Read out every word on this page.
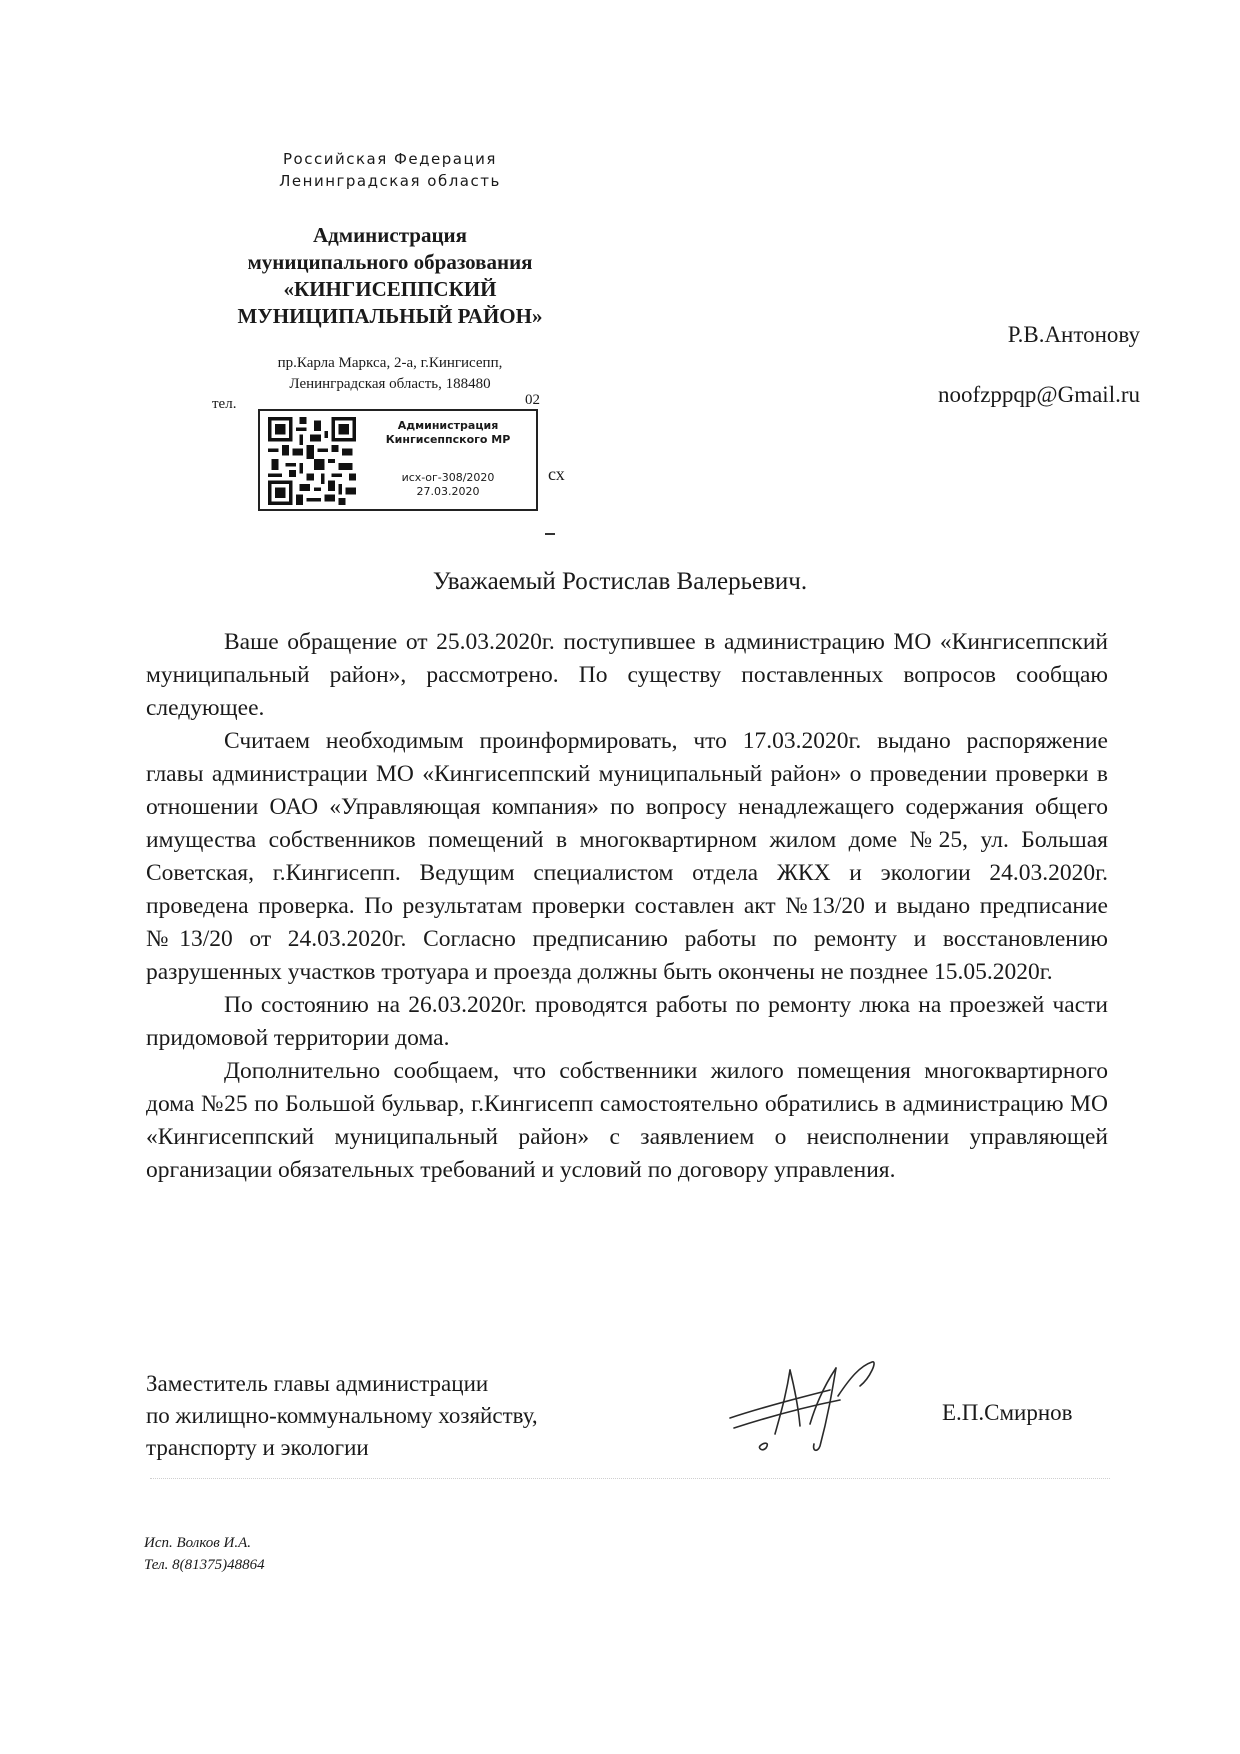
Российская Федерация
Ленинградская область
Администрация
муниципального образования
«КИНГИСЕППСКИЙ
МУНИЦИПАЛЬНЫЙ РАЙОН»
пр.Карла Маркса, 2-а, г.Кингисепп,
Ленинградская область, 188480
тел.	02
сх
Администрация
Кингисеппского МР
исх-ог-308/2020
27.03.2020
Р.В.Антонову
noofzppqp@Gmail.ru
Уважаемый Ростислав Валерьевич.

Ваше обращение от 25.03.2020г. поступившее в администрацию МО «Кингисеппский муниципальный район», рассмотрено. По существу поставленных вопросов сообщаю следующее.

Считаем необходимым проинформировать, что 17.03.2020г. выдано распоряжение главы администрации МО «Кингисеппский муниципальный район» о проведении проверки в отношении ОАО «Управляющая компания» по вопросу ненадлежащего содержания общего имущества собственников помещений в многоквартирном жилом доме №25, ул. Большая Советская, г.Кингисепп. Ведущим специалистом отдела ЖКХ и экологии 24.03.2020г. проведена проверка. По результатам проверки составлен акт №13/20 и выдано предписание №13/20 от 24.03.2020г. Согласно предписанию работы по ремонту и восстановлению разрушенных участков тротуара и проезда должны быть окончены не позднее 15.05.2020г.

По состоянию на 26.03.2020г. проводятся работы по ремонту люка на проезжей части придомовой территории дома.

Дополнительно сообщаем, что собственники жилого помещения многоквартирного дома №25 по Большой бульвар, г.Кингисепп самостоятельно обратились в администрацию МО «Кингисеппский муниципальный район» с заявлением о неисполнении управляющей организации обязательных требований и условий по договору управления.

Заместитель главы администрации
по жилищно-коммунальному хозяйству,
транспорту и экологии
Е.П.Смирнов
Исп. Волков И.А.
Тел. 8(81375)48864
